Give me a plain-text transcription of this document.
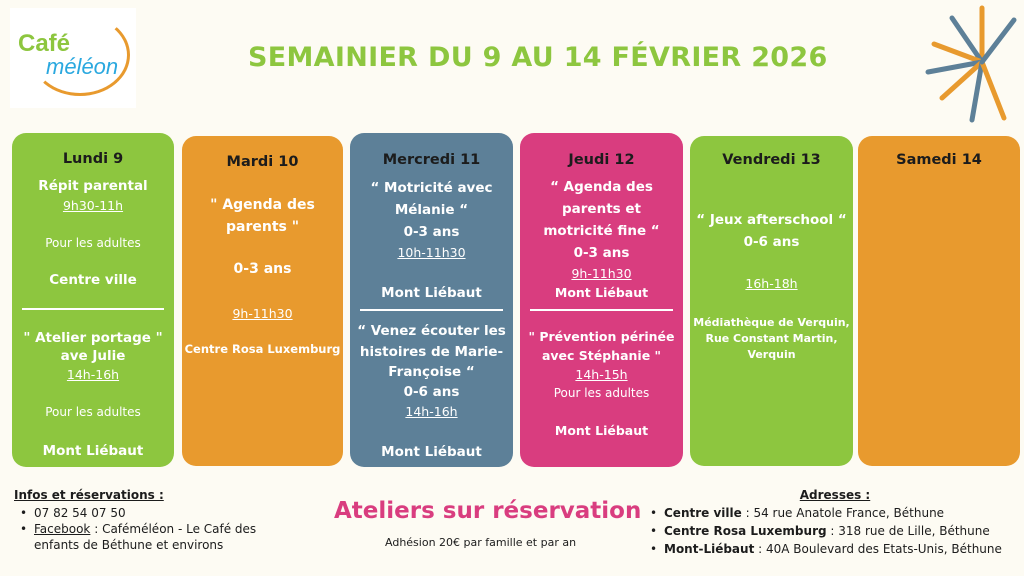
Café
méléon	SEMAINIER DU 9 AU 14 FÉVRIER 2026
Lundi 9
Répit parental
9h30-11h
Pour les adultes
Centre ville
" Atelier portage "
ave Julie
14h-16h
Pour les adultes
Mont Liébaut
Mardi 10
" Agenda des
parents "
0-3 ans
9h-11h30
Centre Rosa Luxemburg
Mercredi 11
“ Motricité avec
Mélanie “
0-3 ans
10h-11h30
Mont Liébaut
“ Venez écouter les
histoires de Marie-
Françoise “
0-6 ans
14h-16h
Mont Liébaut
Jeudi 12
“ Agenda des
parents et
motricité fine “
0-3 ans
9h-11h30
Mont Liébaut
" Prévention périnée
avec Stéphanie "
14h-15h
Pour les adultes
Mont Liébaut
Vendredi 13
“ Jeux afterschool “
0-6 ans
16h-18h
Médiathèque de Verquin,
Rue Constant Martin,
Verquin
Samedi 14
Infos et réservations :
• 07 82 54 07 50
• Facebook : Caféméléon - Le Café des
enfants de Béthune et environs
Ateliers sur réservation
Adhésion 20€ par famille et par an
Adresses :
• Centre ville : 54 rue Anatole France, Béthune
• Centre Rosa Luxemburg : 318 rue de Lille, Béthune
• Mont-Liébaut : 40A Boulevard des Etats-Unis, Béthune
